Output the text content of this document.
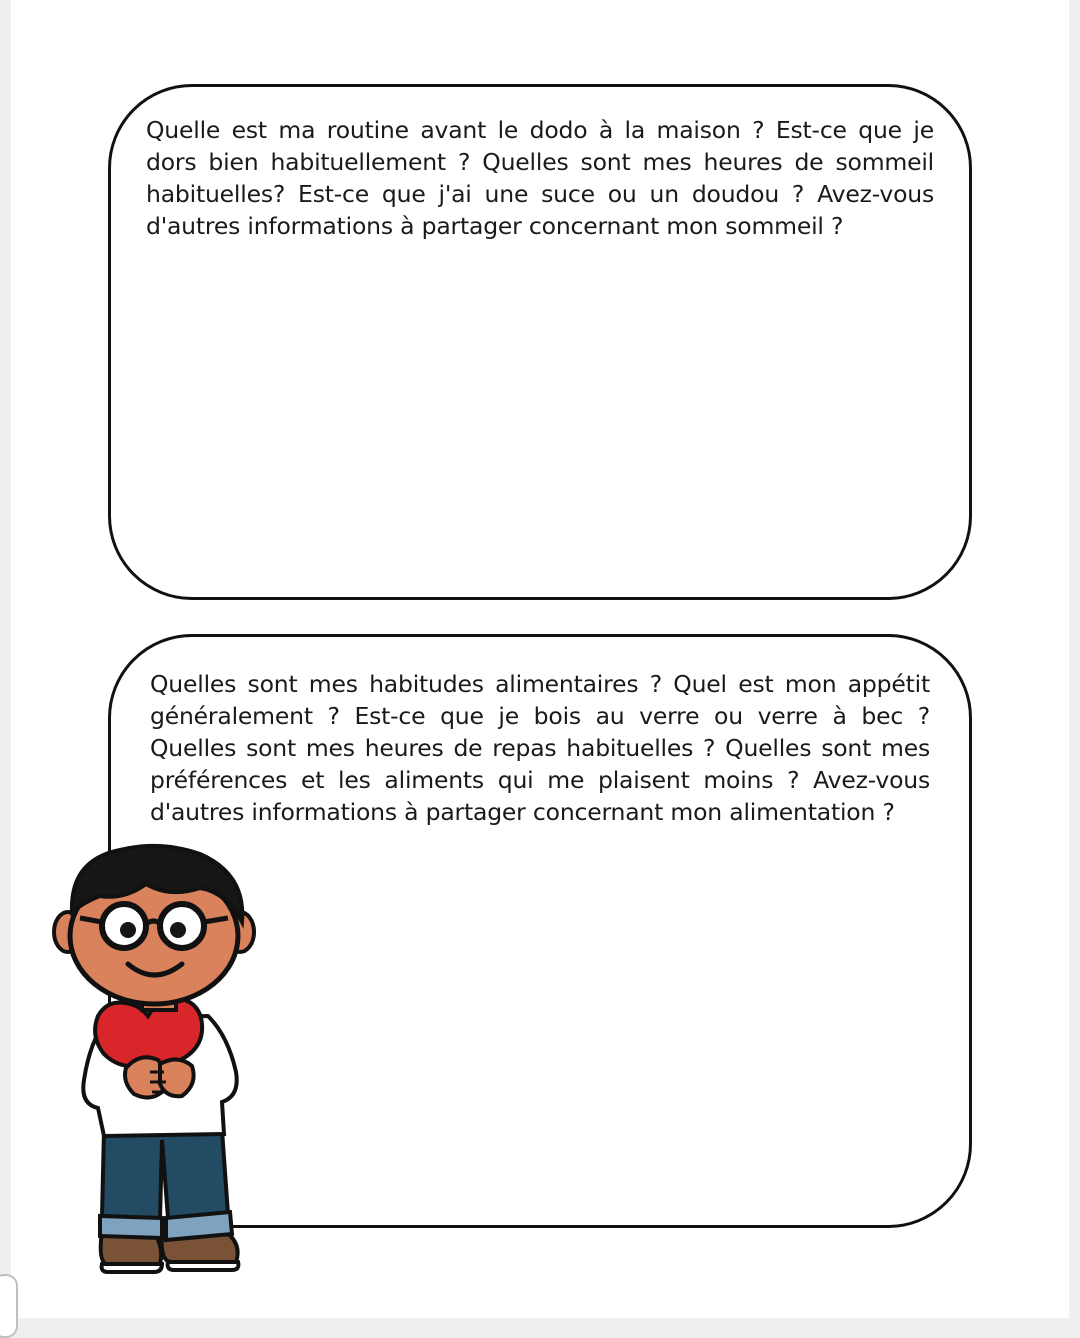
Quelle est ma routine avant le dodo à la maison ? Est-ce que je dors bien habituellement ? Quelles sont mes heures de sommeil habituelles? Est-ce que j'ai une suce ou un doudou ? Avez-vous d'autres informations à partager concernant mon sommeil ?

Quelles sont mes habitudes alimentaires ? Quel est mon appétit généralement ? Est-ce que je bois au verre ou verre à bec ? Quelles sont mes heures de repas habituelles ? Quelles sont mes préférences et les aliments qui me plaisent moins ? Avez-vous d'autres informations à partager concernant mon alimentation ?
